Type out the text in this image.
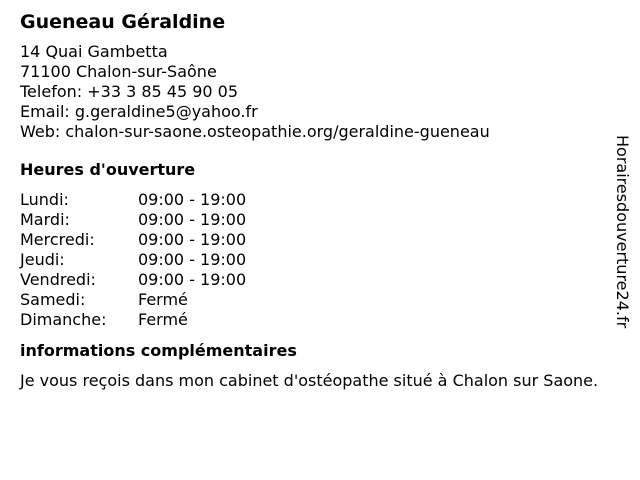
Gueneau Géraldine
14 Quai Gambetta
71100 Chalon-sur-Saône
Telefon: +33 3 85 45 90 05
Email: g.geraldine5@yahoo.fr
Web: chalon-sur-saone.osteopathie.org/geraldine-gueneau
Heures d'ouverture
Lundi:	09:00 - 19:00
Mardi:	09:00 - 19:00
Mercredi:	09:00 - 19:00
Jeudi:	09:00 - 19:00
Vendredi:	09:00 - 19:00
Samedi:	Fermé
Dimanche:	Fermé
informations complémentaires
Je vous reçois dans mon cabinet d'ostéopathe situé à Chalon sur Saone.
Horairesdouverture24.fr
